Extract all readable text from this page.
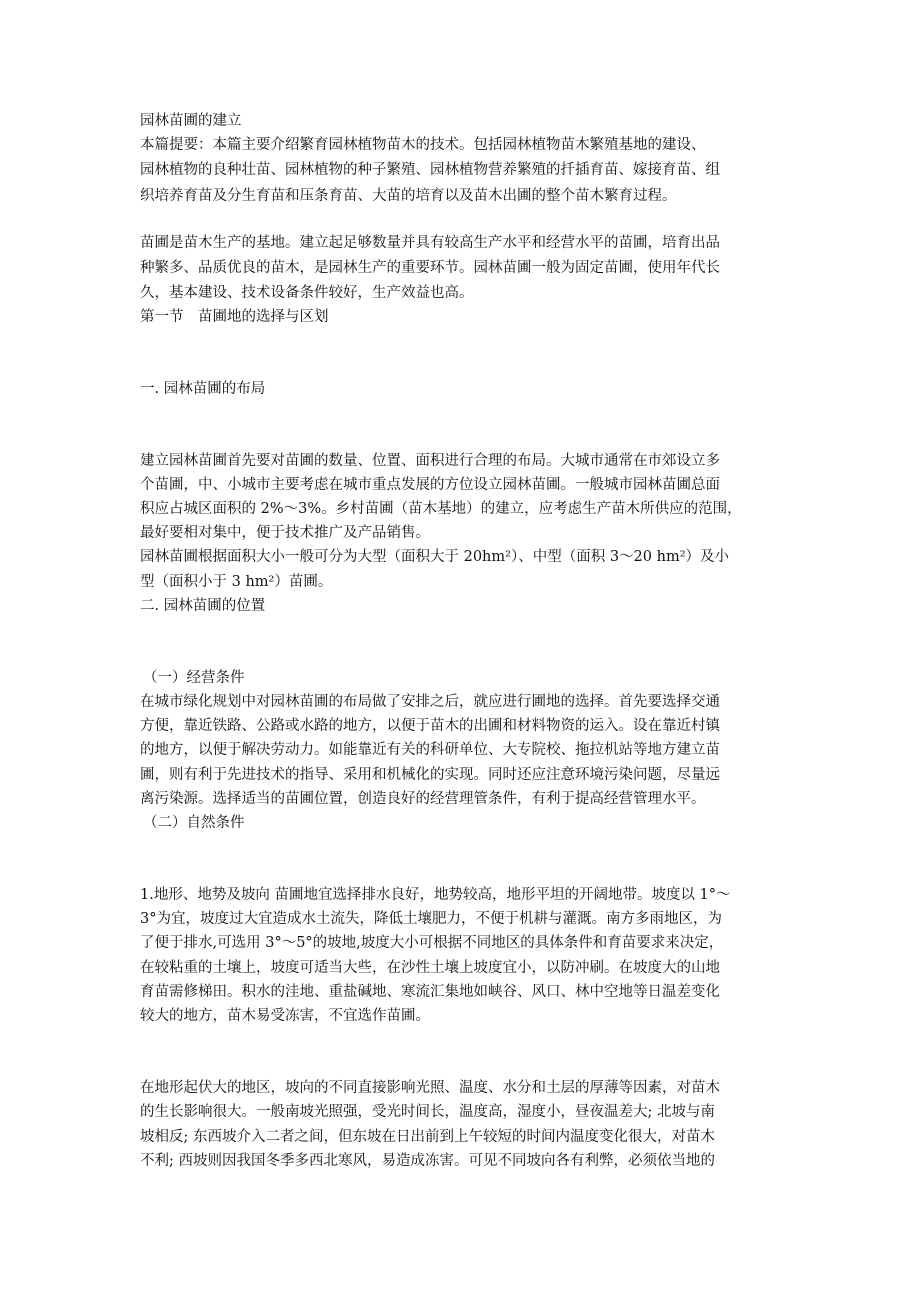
园林苗圃的建立
本篇提要：本篇主要介绍繁育园林植物苗木的技术。包括园林植物苗木繁殖基地的建设、
园林植物的良种壮苗、园林植物的种子繁殖、园林植物营养繁殖的扦插育苗、嫁接育苗、组
织培养育苗及分生育苗和压条育苗、大苗的培育以及苗木出圃的整个苗木繁育过程。
苗圃是苗木生产的基地。建立起足够数量并具有较高生产水平和经营水平的苗圃，培育出品
种繁多、品质优良的苗木，是园林生产的重要环节。园林苗圃一般为固定苗圃，使用年代长
久，基本建设、技术设备条件较好，生产效益也高。
第一节　苗圃地的选择与区划
一. 园林苗圃的布局
建立园林苗圃首先要对苗圃的数量、位置、面积进行合理的布局。大城市通常在市郊设立多
个苗圃，中、小城市主要考虑在城市重点发展的方位设立园林苗圃。一般城市园林苗圃总面
积应占城区面积的 2%～3%。乡村苗圃（苗木基地）的建立，应考虑生产苗木所供应的范围，
最好要相对集中，便于技术推广及产品销售。
园林苗圃根据面积大小一般可分为大型（面积大于 20hm²）、中型（面积 3～20 hm²）及小
型（面积小于 3 hm²）苗圃。
二. 园林苗圃的位置
（一）经营条件
在城市绿化规划中对园林苗圃的布局做了安排之后，就应进行圃地的选择。首先要选择交通
方便，靠近铁路、公路或水路的地方，以便于苗木的出圃和材料物资的运入。设在靠近村镇
的地方，以便于解决劳动力。如能靠近有关的科研单位、大专院校、拖拉机站等地方建立苗
圃，则有利于先进技术的指导、采用和机械化的实现。同时还应注意环境污染问题，尽量远
离污染源。选择适当的苗圃位置，创造良好的经营理管条件，有利于提高经营管理水平。
（二）自然条件
1.地形、地势及坡向 苗圃地宜选择排水良好，地势较高，地形平坦的开阔地带。坡度以 1°～
3°为宜，坡度过大宜造成水土流失，降低土壤肥力，不便于机耕与灌溉。南方多雨地区，为
了便于排水,可选用 3°～5°的坡地,坡度大小可根据不同地区的具体条件和育苗要求来决定，
在较粘重的土壤上，坡度可适当大些，在沙性土壤上坡度宜小，以防冲刷。在坡度大的山地
育苗需修梯田。积水的洼地、重盐碱地、寒流汇集地如峡谷、风口、林中空地等日温差变化
较大的地方，苗木易受冻害，不宜选作苗圃。
在地形起伏大的地区，坡向的不同直接影响光照、温度、水分和土层的厚薄等因素，对苗木
的生长影响很大。一般南坡光照强，受光时间长，温度高，湿度小，昼夜温差大; 北坡与南
坡相反; 东西坡介入二者之间，但东坡在日出前到上午较短的时间内温度变化很大，对苗木
不利; 西坡则因我国冬季多西北寒风，易造成冻害。可见不同坡向各有利弊，必须依当地的
